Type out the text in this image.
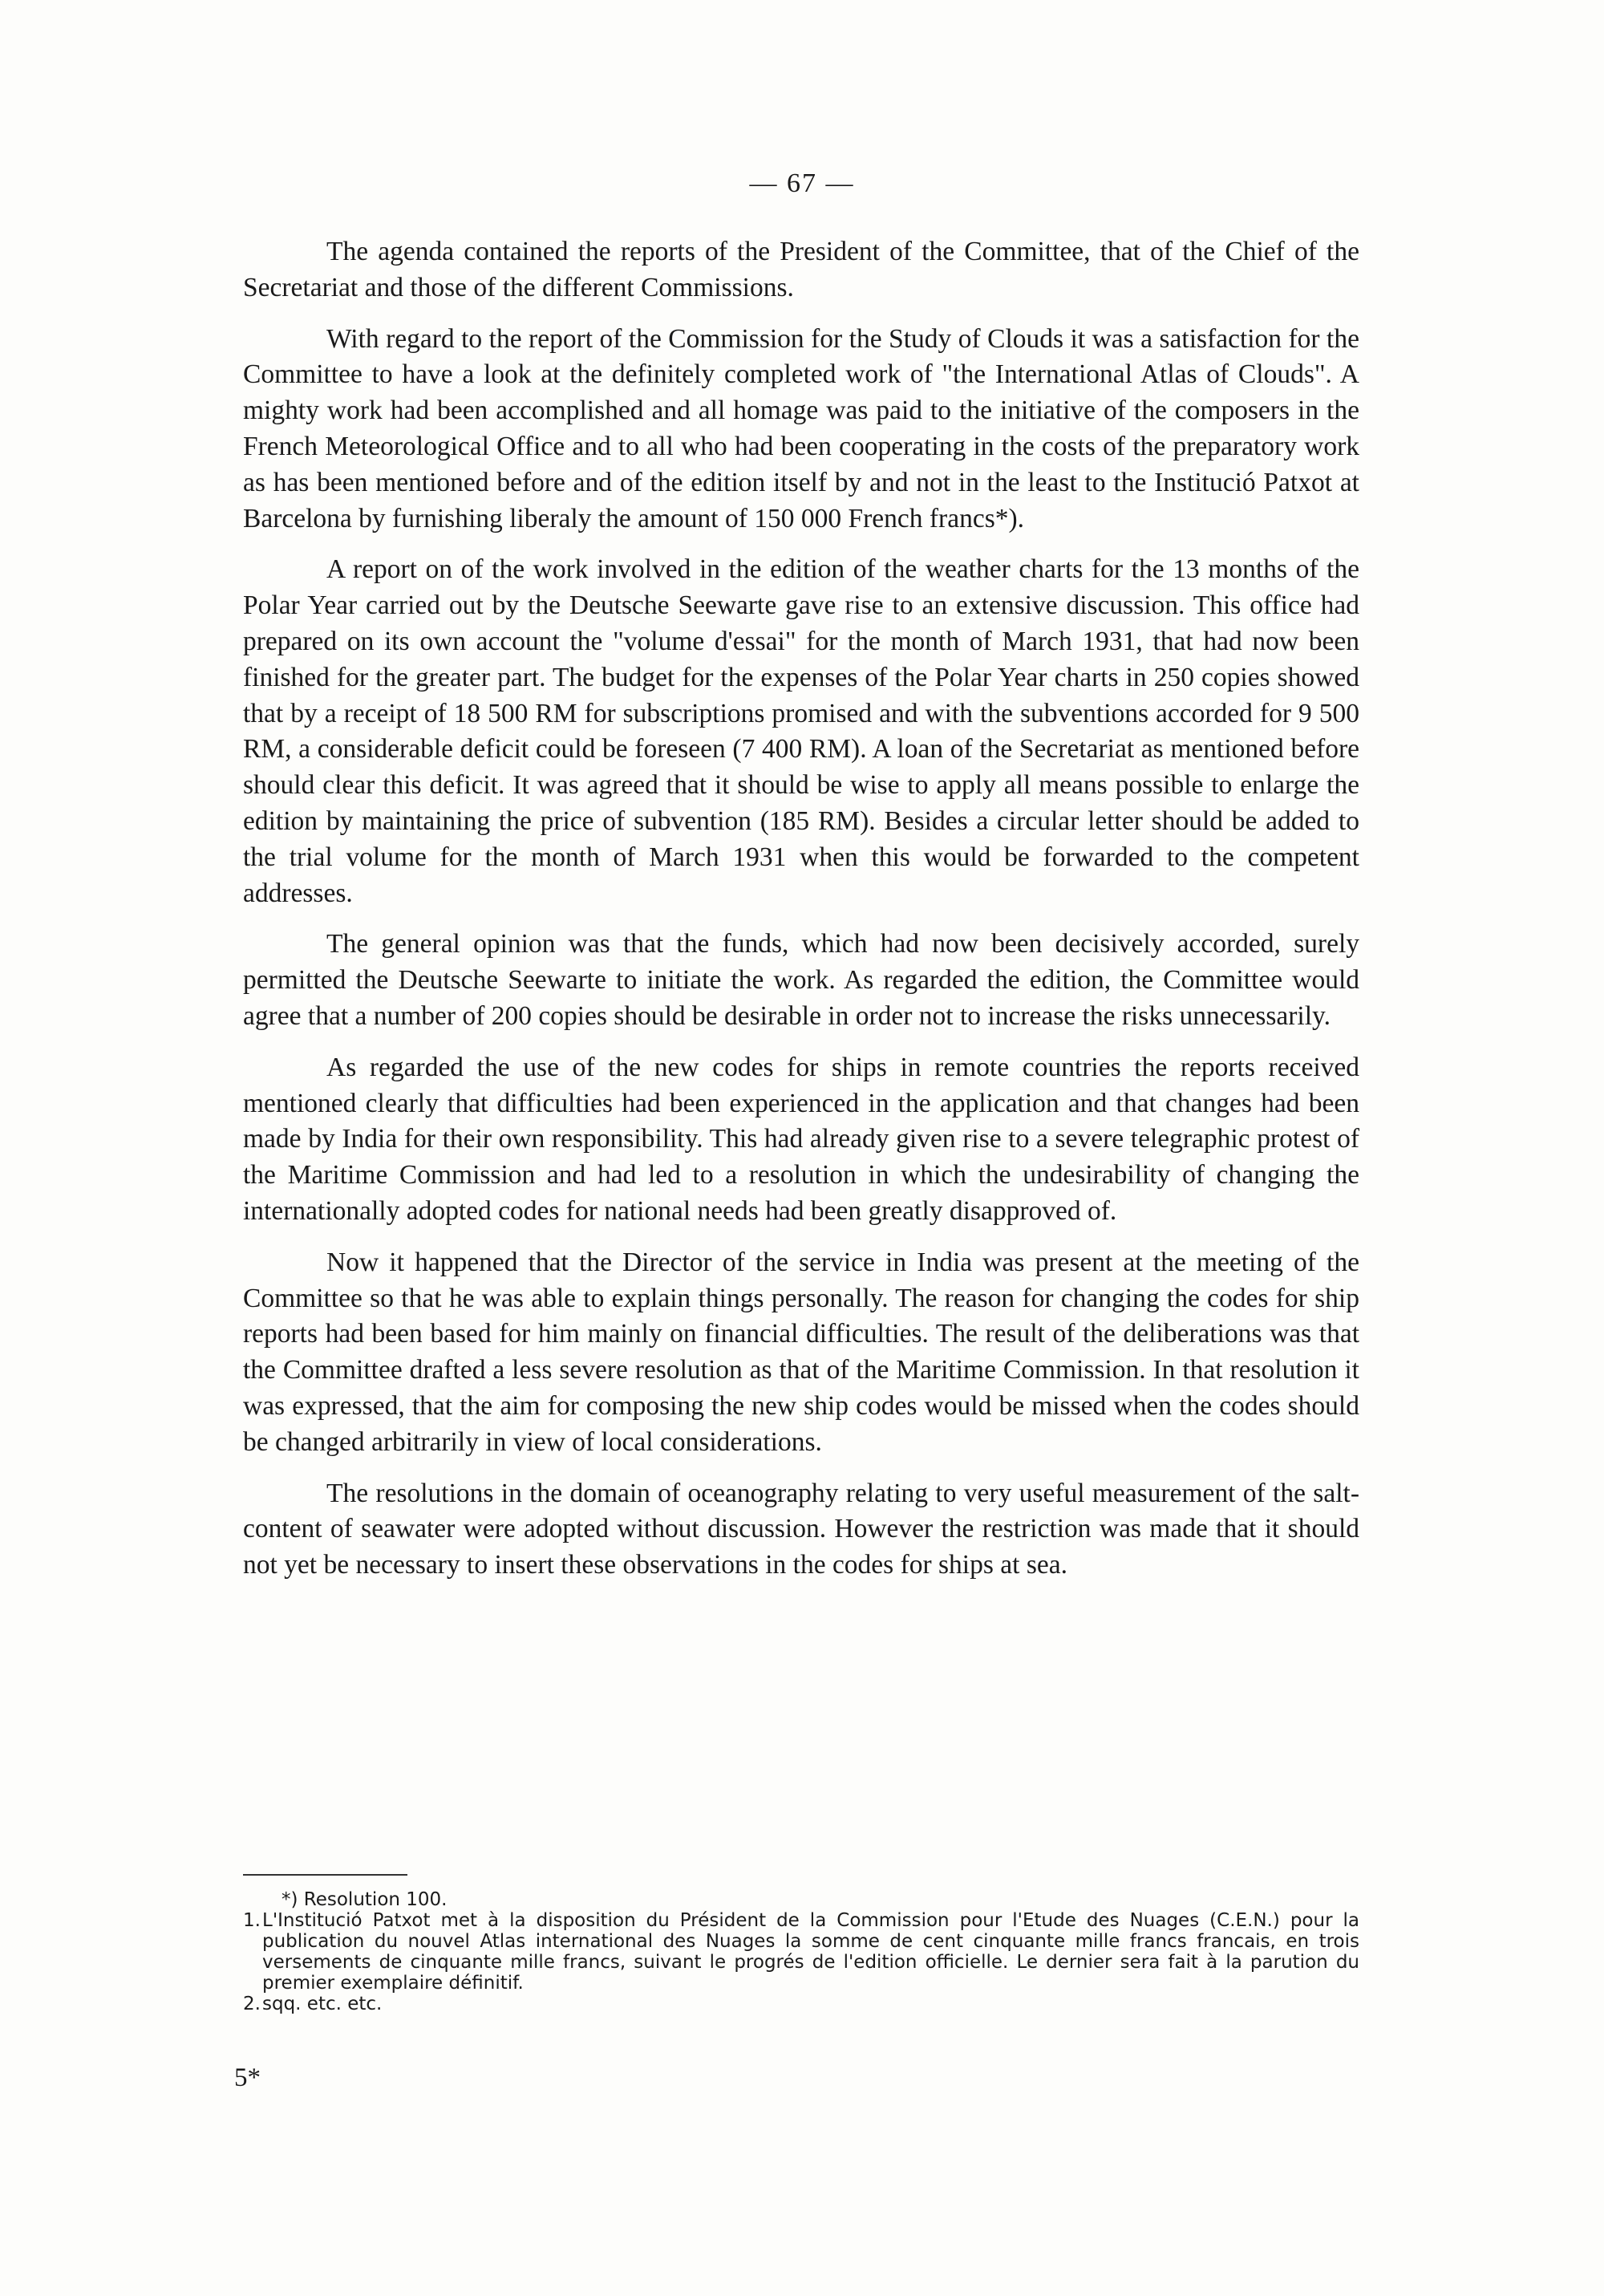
— 67 —

The agenda contained the reports of the President of the Committee, that of the Chief of the Secretariat and those of the different Commissions.

With regard to the report of the Commission for the Study of Clouds it was a satisfaction for the Committee to have a look at the definitely completed work of "the International Atlas of Clouds". A mighty work had been accomplished and all homage was paid to the initiative of the composers in the French Meteorological Office and to all who had been cooperating in the costs of the preparatory work as has been mentioned before and of the edition itself by and not in the least to the Institució Patxot at Barcelona by furnishing liberaly the amount of 150 000 French francs*).

A report on of the work involved in the edition of the weather charts for the 13 months of the Polar Year carried out by the Deutsche Seewarte gave rise to an extensive discussion. This office had prepared on its own account the "volume d'essai" for the month of March 1931, that had now been finished for the greater part. The budget for the expenses of the Polar Year charts in 250 copies showed that by a receipt of 18 500 RM for subscriptions promised and with the subventions accorded for 9 500 RM, a considerable deficit could be foreseen (7 400 RM). A loan of the Secretariat as mentioned before should clear this deficit. It was agreed that it should be wise to apply all means possible to enlarge the edition by maintaining the price of subvention (185 RM). Besides a circular letter should be added to the trial volume for the month of March 1931 when this would be forwarded to the competent addresses.

The general opinion was that the funds, which had now been decisively accorded, surely permitted the Deutsche Seewarte to initiate the work. As regarded the edition, the Committee would agree that a number of 200 copies should be desirable in order not to increase the risks unnecessarily.

As regarded the use of the new codes for ships in remote countries the reports received mentioned clearly that difficulties had been experienced in the application and that changes had been made by India for their own responsibility. This had already given rise to a severe telegraphic protest of the Maritime Commission and had led to a resolution in which the undesirability of changing the internationally adopted codes for national needs had been greatly disapproved of.

Now it happened that the Director of the service in India was present at the meeting of the Committee so that he was able to explain things personally. The reason for changing the codes for ship reports had been based for him mainly on financial difficulties. The result of the deliberations was that the Committee drafted a less severe resolution as that of the Maritime Commission. In that resolution it was expressed, that the aim for composing the new ship codes would be missed when the codes should be changed arbitrarily in view of local considerations.

The resolutions in the domain of oceanography relating to very useful measurement of the salt-content of seawater were adopted without discussion. However the restriction was made that it should not yet be necessary to insert these observations in the codes for ships at sea.

*) Resolution 100.

1. L'Institució Patxot met à la disposition du Président de la Commission pour l'Etude des Nuages (C.E.N.) pour la publication du nouvel Atlas international des Nuages la somme de cent cinquante mille francs francais, en trois versements de cinquante mille francs, suivant le progrés de l'edition officielle. Le dernier sera fait à la parution du premier exemplaire définitif.
2. sqq. etc. etc.
5*
